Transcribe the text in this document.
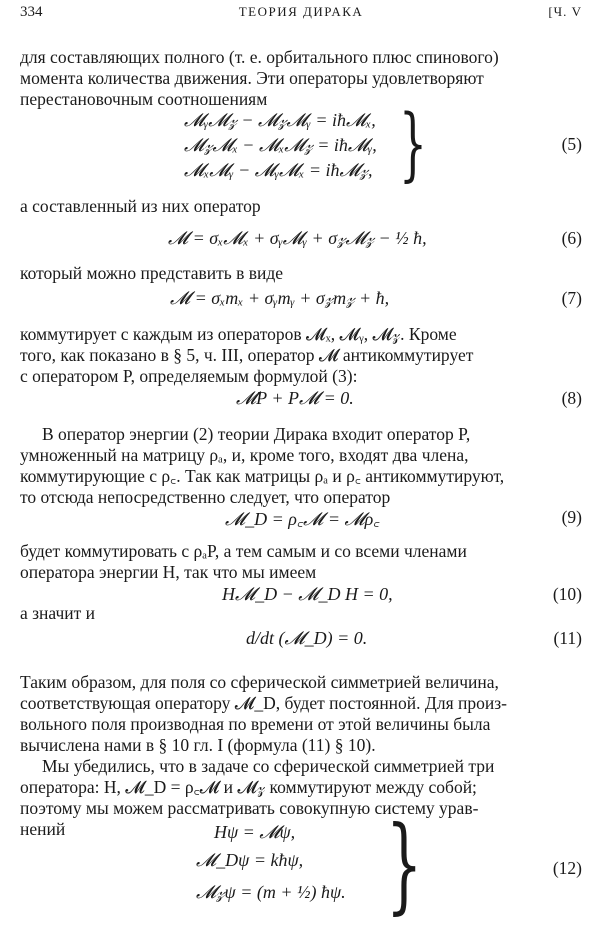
334	ТЕОРИЯ ДИРАКА	[Ч. V
для составляющих полного (т. е. орбитального плюс спинового)
момента количества движения. Эти операторы удовлетворяют
перестановочным соотношениям
𝓜ᵧ𝓜𝓏 − 𝓜𝓏𝓜ᵧ = iħ𝓜ₓ,
𝓜𝓏𝓜ₓ − 𝓜ₓ𝓜𝓏 = iħ𝓜ᵧ,
𝓜ₓ𝓜ᵧ − 𝓜ᵧ𝓜ₓ = iħ𝓜𝓏, }	(5)
а составленный из них оператор
𝓜 = σₓ𝓜ₓ + σᵧ𝓜ᵧ + σ𝓏𝓜𝓏 − ½ ħ,	(6)
который можно представить в виде
𝓜 = σₓmₓ + σᵧmᵧ + σ𝓏m𝓏 + ħ,	(7)
коммутирует с каждым из операторов 𝓜ₓ, 𝓜ᵧ, 𝓜𝓏. Кроме
того, как показано в § 5, ч. III, оператор 𝓜 антикоммутирует
с оператором P, определяемым формулой (3):
𝓜P + P𝓜 = 0.	(8)
В оператор энергии (2) теории Дирака входит оператор P,
умноженный на матрицу ρₐ, и, кроме того, входят два члена,
коммутирующие с ρ꜀. Так как матрицы ρₐ и ρ꜀ антикоммутируют,
то отсюда непосредственно следует, что оператор
𝓜_D = ρ꜀𝓜 = 𝓜ρ꜀	(9)
будет коммутировать с ρₐP, а тем самым и со всеми членами
оператора энергии H, так что мы имеем
H𝓜_D − 𝓜_D H = 0,	(10)
а значит и
d/dt (𝓜_D) = 0.	(11)
Таким образом, для поля со сферической симметрией величина,
соответствующая оператору 𝓜_D, будет постоянной. Для произ-
вольного поля производная по времени от этой величины была
вычислена нами в § 10 гл. I (формула (11) § 10).
Мы убедились, что в задаче со сферической симметрией три
оператора: H, 𝓜_D = ρ꜀𝓜 и 𝓜𝓏 коммутируют между собой;
поэтому мы можем рассматривать совокупную систему урав-
нений	Hψ = 𝓜ψ,
𝓜_Dψ = kħψ,
𝓜𝓏ψ = (m + ½) ħψ. }	(12)
